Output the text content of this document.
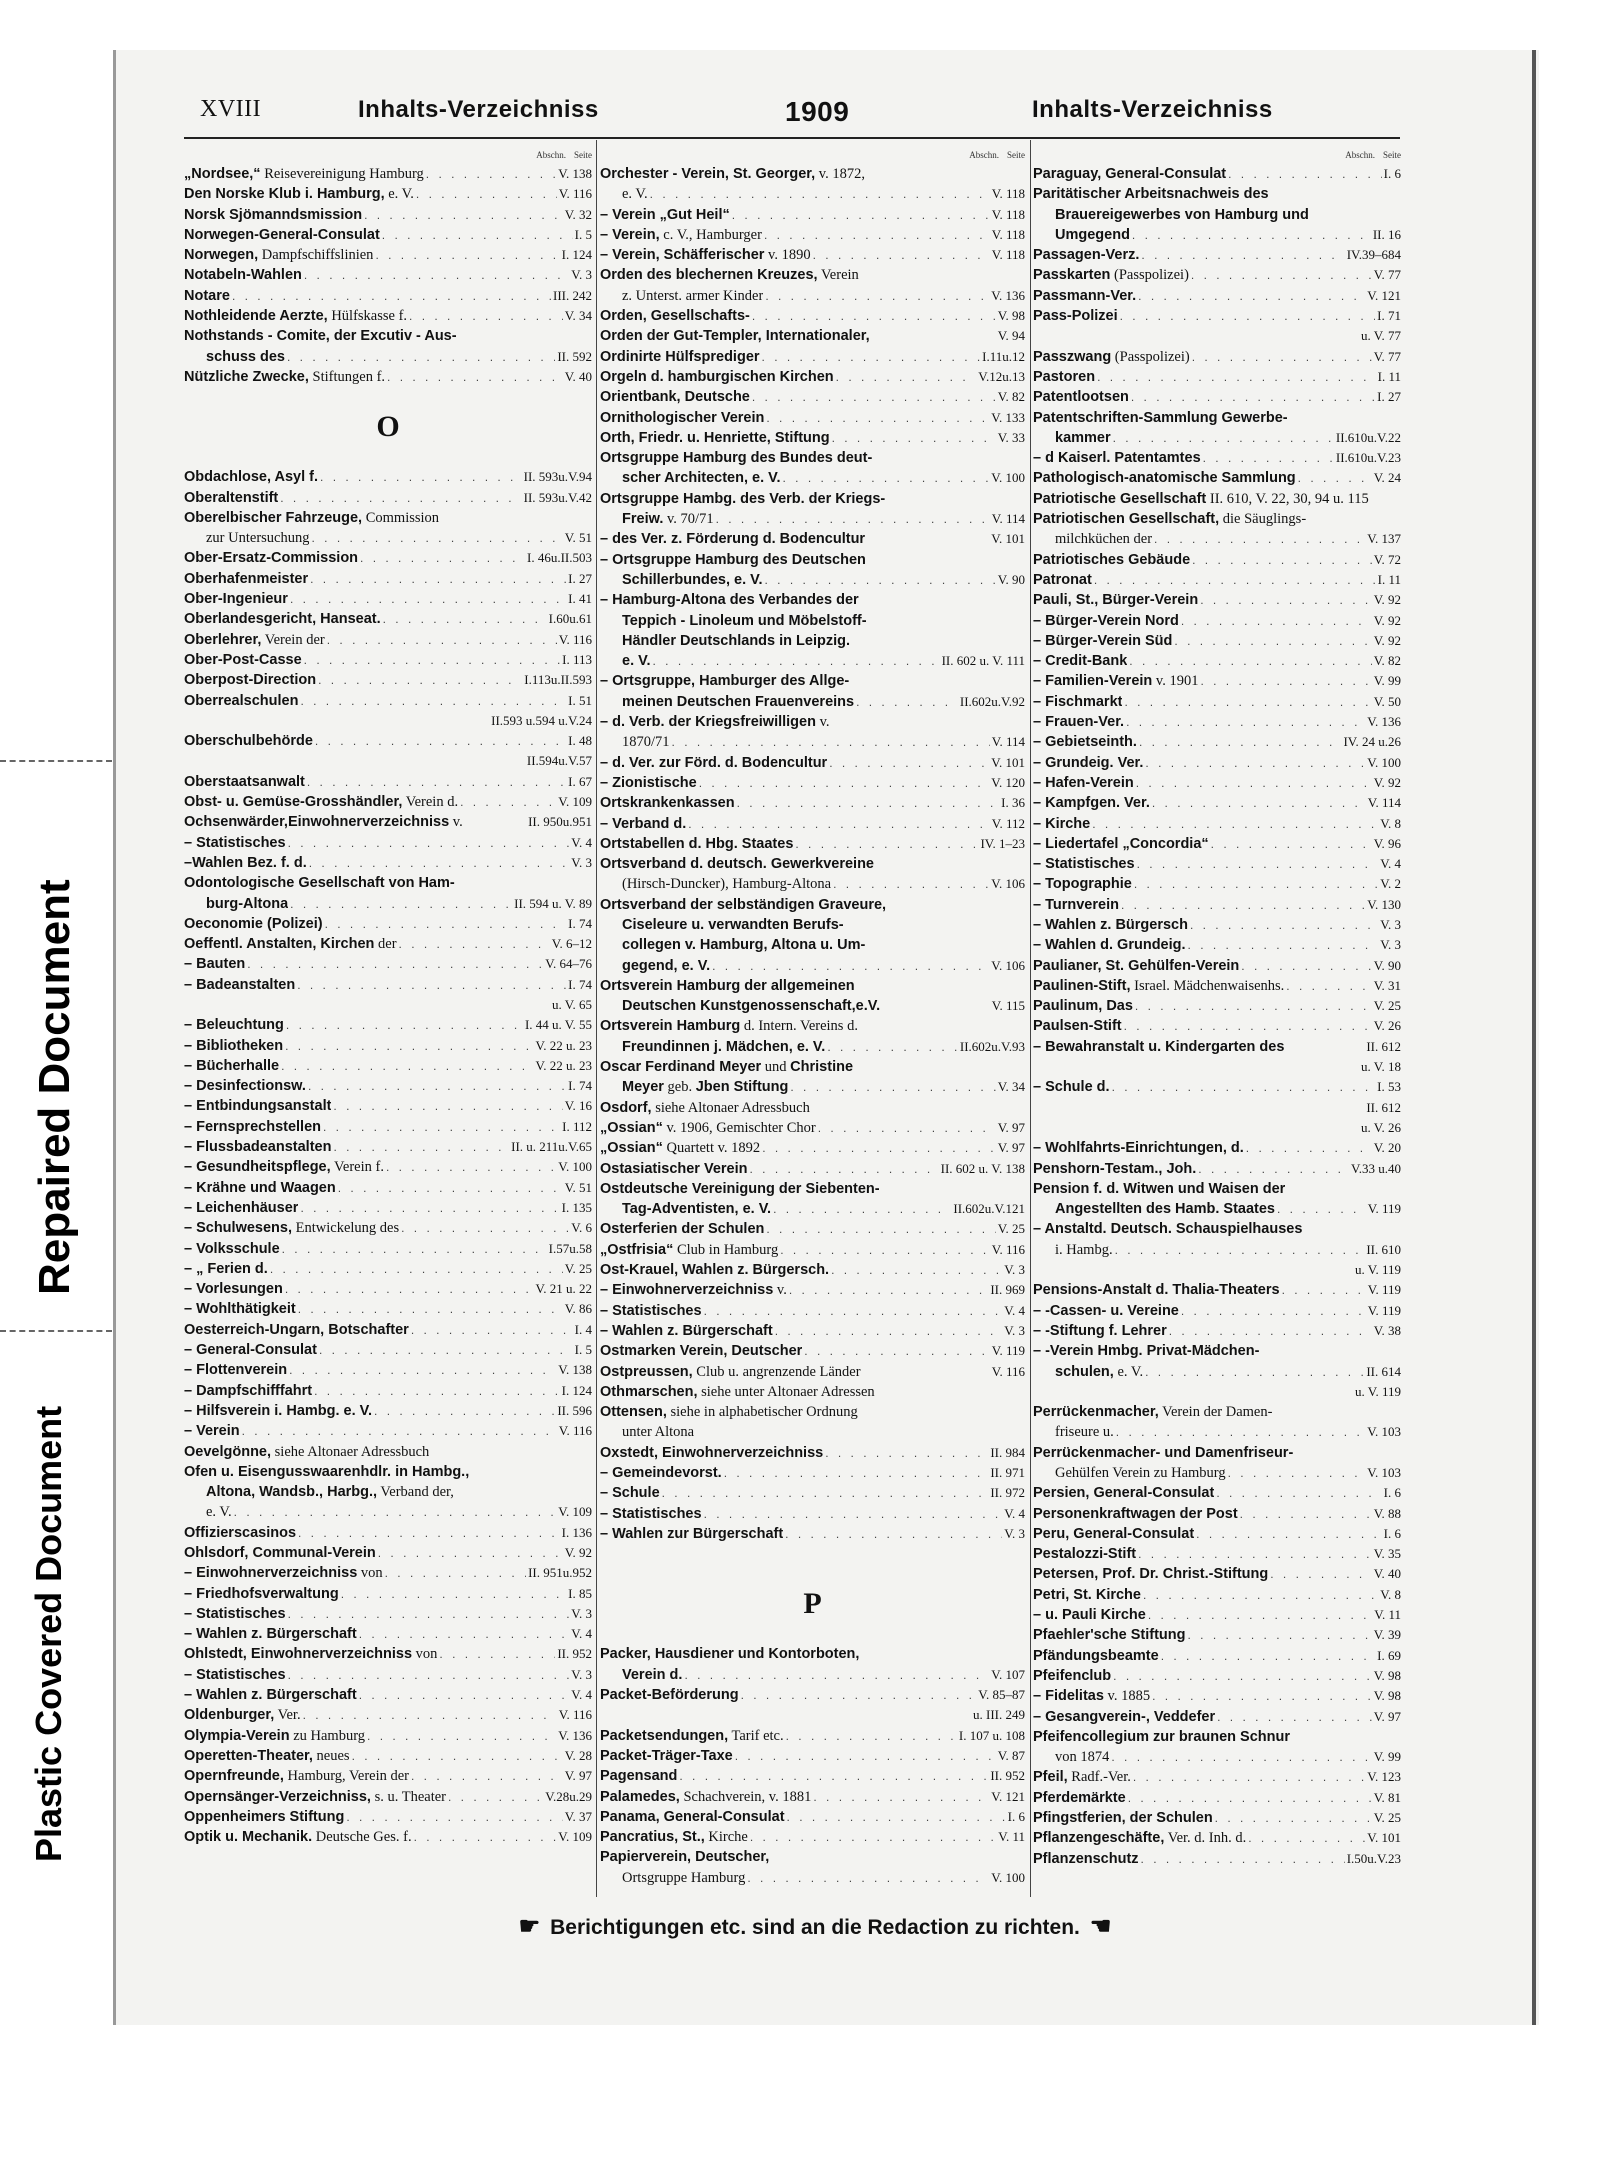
Repaired Document
Plastic Covered Document
XVIII	Inhalts-Verzeichniss	1909	Inhalts-Verzeichniss
Abschn. Seite
„Nordsee,“ Reisevereinigung Hamburg . . .	V. 138
Den Norske Klub i. Hamburg, e. V. . . .	V. 116
Norsk Sjömanndsmission . . .	V. 32
Norwegen-General-Consulat . . .	I. 5
Norwegen, Dampfschiffslinien . . .	I. 124
Notabeln-Wahlen . . .	V. 3
Notare . . .	III. 242
Nothleidende Aerzte, Hülfskasse f. . . .	V. 34
Nothstands - Comite, der Excutiv - Aus-
schuss des . . .	II. 592
Nützliche Zwecke, Stiftungen f. . . .	V. 40
O
Obdachlose, Asyl f. . . .	II. 593u.V.94
Oberaltenstift . . .	II. 593u.V.42
Oberelbischer Fahrzeuge, Commission
zur Untersuchung . . .	V. 51
Ober-Ersatz-Commission . . .	I. 46u.II.503
Oberhafenmeister . . .	I. 27
Ober-Ingenieur . . .	I. 41
Oberlandesgericht, Hanseat. . . .	I.60u.61
Oberlehrer, Verein der . . .	V. 116
Ober-Post-Casse . . .	I. 113
Oberpost-Direction . . .	I.113u.II.593
Oberrealschulen . . .	I. 51
II.593 u.594 u.V.24
Oberschulbehörde . . .	I. 48
II.594u.V.57
Oberstaatsanwalt . . .	I. 67
Obst- u. Gemüse-Grosshändler, Verein d. . . .	V. 109
Ochsenwärder,Einwohnerverzeichniss v.	II. 950u.951
– Statistisches . . .	V. 4
–Wahlen Bez. f. d. . . .	V. 3
Odontologische Gesellschaft von Ham-
burg-Altona . . .	II. 594 u. V. 89
Oeconomie (Polizei) . . .	I. 74
Oeffentl. Anstalten, Kirchen der . . .	V. 6–12
– Bauten . . .	V. 64–76
– Badeanstalten . . .	I. 74
u. V. 65
– Beleuchtung . . .	I. 44 u. V. 55
– Bibliotheken . . .	V. 22 u. 23
– Bücherhalle . . .	V. 22 u. 23
– Desinfectionsw. . . .	I. 74
– Entbindungsanstalt . . .	V. 16
– Fernsprechstellen . . .	I. 112
– Flussbadeanstalten . . .	II. u. 211u.V.65
– Gesundheitspflege, Verein f. . . .	V. 100
– Krähne und Waagen . . .	V. 51
– Leichenhäuser . . .	I. 135
– Schulwesens, Entwickelung des . . .	V. 6
– Volksschule . . .	I.57u.58
– „ Ferien d. . . .	V. 25
– Vorlesungen . . .	V. 21 u. 22
– Wohlthätigkeit . . .	V. 86
Oesterreich-Ungarn, Botschafter . . .	I. 4
– General-Consulat . . .	I. 5
– Flottenverein . . .	V. 138
– Dampfschifffahrt . . .	I. 124
– Hilfsverein i. Hambg. e. V. . . .	II. 596
– Verein . . .	V. 116
Oevelgönne, siehe Altonaer Adressbuch
Ofen u. Eisengusswaarenhdlr. in Hambg.,
Altona, Wandsb., Harbg., Verband der,
e. V. . . .	V. 109
Offizierscasinos . . .	I. 136
Ohlsdorf, Communal-Verein . . .	V. 92
– Einwohnerverzeichniss von . . .	II. 951u.952
– Friedhofsverwaltung . . .	I. 85
– Statistisches . . .	V. 3
– Wahlen z. Bürgerschaft . . .	V. 4
Ohlstedt, Einwohnerverzeichniss von . . .	II. 952
– Statistisches . . .	V. 3
– Wahlen z. Bürgerschaft . . .	V. 4
Oldenburger, Ver. . . .	V. 116
Olympia-Verein zu Hamburg . . .	V. 136
Operetten-Theater, neues . . .	V. 28
Opernfreunde, Hamburg, Verein der . . .	V. 97
Opernsänger-Verzeichniss, s. u. Theater . . .	V.28u.29
Oppenheimers Stiftung . . .	V. 37
Optik u. Mechanik. Deutsche Ges. f. . . .	V. 109
Abschn. Seite
Orchester - Verein, St. Georger, v. 1872,
e. V. . . .	V. 118
– Verein „Gut Heil“ . . .	V. 118
– Verein, c. V., Hamburger . . .	V. 118
– Verein, Schäfferischer v. 1890 . . .	V. 118
Orden des blechernen Kreuzes, Verein
z. Unterst. armer Kinder . . .	V. 136
Orden, Gesellschafts- . . .	V. 98
Orden der Gut-Templer, Internationaler,	V. 94
Ordinirte Hülfsprediger . . .	I.11u.12
Orgeln d. hamburgischen Kirchen . . .	V.12u.13
Orientbank, Deutsche . . .	V. 82
Ornithologischer Verein . . .	V. 133
Orth, Friedr. u. Henriette, Stiftung . . .	V. 33
Ortsgruppe Hamburg des Bundes deut-
scher Architecten, e. V. . . .	V. 100
Ortsgruppe Hambg. des Verb. der Kriegs-
Freiw. v. 70/71 . . .	V. 114
– des Ver. z. Förderung d. Bodencultur	V. 101
– Ortsgruppe Hamburg des Deutschen
Schillerbundes, e. V. . . .	V. 90
– Hamburg-Altona des Verbandes der
Teppich - Linoleum und Möbelstoff-
Händler Deutschlands in Leipzig.
e. V. . . .	II. 602 u. V. 111
– Ortsgruppe, Hamburger des Allge-
meinen Deutschen Frauenvereins . . .	II.602u.V.92
– d. Verb. der Kriegsfreiwilligen v.
1870/71 . . .	V. 114
– d. Ver. zur Förd. d. Bodencultur . . .	V. 101
– Zionistische . . .	V. 120
Ortskrankenkassen . . .	I. 36
– Verband d. . . .	V. 112
Ortstabellen d. Hbg. Staates . . .	IV. 1–23
Ortsverband d. deutsch. Gewerkvereine
(Hirsch-Duncker), Hamburg-Altona . . .	V. 106
Ortsverband der selbständigen Graveure,
Ciseleure u. verwandten Berufs-
collegen v. Hamburg, Altona u. Um-
gegend, e. V. . . .	V. 106
Ortsverein Hamburg der allgemeinen
Deutschen Kunstgenossenschaft,e.V.	V. 115
Ortsverein Hamburg d. Intern. Vereins d.
Freundinnen j. Mädchen, e. V. . . .	II.602u.V.93
Oscar Ferdinand Meyer und Christine
Meyer geb. Jben Stiftung . . .	V. 34
Osdorf, siehe Altonaer Adressbuch
„Ossian“ v. 1906, Gemischter Chor . . .	V. 97
„Ossian“ Quartett v. 1892 . . .	V. 97
Ostasiatischer Verein . . .	II. 602 u. V. 138
Ostdeutsche Vereinigung der Siebenten-
Tag-Adventisten, e. V. . . .	II.602u.V.121
Osterferien der Schulen . . .	V. 25
„Ostfrisia“ Club in Hamburg . . .	V. 116
Ost-Krauel, Wahlen z. Bürgersch. . . .	V. 3
– Einwohnerverzeichniss v. . . .	II. 969
– Statistisches . . .	V. 4
– Wahlen z. Bürgerschaft . . .	V. 3
Ostmarken Verein, Deutscher . . .	V. 119
Ostpreussen, Club u. angrenzende Länder	V. 116
Othmarschen, siehe unter Altonaer Adressen
Ottensen, siehe in alphabetischer Ordnung
unter Altona
Oxstedt, Einwohnerverzeichniss . . .	II. 984
– Gemeindevorst. . . .	II. 971
– Schule . . .	II. 972
– Statistisches . . .	V. 4
– Wahlen zur Bürgerschaft . . .	V. 3
P
Packer, Hausdiener und Kontorboten,
Verein d. . . .	V. 107
Packet-Beförderung . . .	V. 85–87
u. III. 249
Packetsendungen, Tarif etc. . . .	I. 107 u. 108
Packet-Träger-Taxe . . .	V. 87
Pagensand . . .	II. 952
Palamedes, Schachverein, v. 1881 . . .	V. 121
Panama, General-Consulat . . .	I. 6
Pancratius, St., Kirche . . .	V. 11
Papierverein, Deutscher,
Ortsgruppe Hamburg . . .	V. 100
Abschn. Seite
Paraguay, General-Consulat . . .	I. 6
Paritätischer Arbeitsnachweis des
Brauereigewerbes von Hamburg und
Umgegend . . .	II. 16
Passagen-Verz. . . .	IV.39–684
Passkarten (Passpolizei) . . .	V. 77
Passmann-Ver. . . .	V. 121
Pass-Polizei . . .	I. 71
u. V. 77
Passzwang (Passpolizei) . . .	V. 77
Pastoren . . .	I. 11
Patentlootsen . . .	I. 27
Patentschriften-Sammlung Gewerbe-
kammer . . .	II.610u.V.22
– d Kaiserl. Patentamtes . . .	II.610u.V.23
Pathologisch-anatomische Sammlung . . .	V. 24
Patriotische Gesellschaft II. 610, V. 22, 30, 94 u. 115
Patriotischen Gesellschaft, die Säuglings-
milchküchen der . . .	V. 137
Patriotisches Gebäude . . .	V. 72
Patronat . . .	I. 11
Pauli, St., Bürger-Verein . . .	V. 92
– Bürger-Verein Nord . . .	V. 92
– Bürger-Verein Süd . . .	V. 92
– Credit-Bank . . .	V. 82
– Familien-Verein v. 1901 . . .	V. 99
– Fischmarkt . . .	V. 50
– Frauen-Ver. . . .	V. 136
– Gebietseinth. . . .	IV. 24 u.26
– Grundeig. Ver. . . .	V. 100
– Hafen-Verein . . .	V. 92
– Kampfgen. Ver. . . .	V. 114
– Kirche . . .	V. 8
– Liedertafel „Concordia“ . . .	V. 96
– Statistisches . . .	V. 4
– Topographie . . .	V. 2
– Turnverein . . .	V. 130
– Wahlen z. Bürgersch . . .	V. 3
– Wahlen d. Grundeig. . . .	V. 3
Paulianer, St. Gehülfen-Verein . . .	V. 90
Paulinen-Stift, Israel. Mädchenwaisenhs. . . .	V. 31
Paulinum, Das . . .	V. 25
Paulsen-Stift . . .	V. 26
– Bewahranstalt u. Kindergarten des	II. 612
u. V. 18
– Schule d. . . .	I. 53
II. 612
u. V. 26
– Wohlfahrts-Einrichtungen, d. . . .	V. 20
Penshorn-Testam., Joh. . . .	V.33 u.40
Pension f. d. Witwen und Waisen der
Angestellten des Hamb. Staates . . .	V. 119
– Anstaltd. Deutsch. Schauspielhauses
i. Hambg. . . .	II. 610
u. V. 119
Pensions-Anstalt d. Thalia-Theaters . . .	V. 119
– -Cassen- u. Vereine . . .	V. 119
– -Stiftung f. Lehrer . . .	V. 38
– -Verein Hmbg. Privat-Mädchen-
schulen, e. V. . . .	II. 614
u. V. 119
Perrückenmacher, Verein der Damen-
friseure u. . . .	V. 103
Perrückenmacher- und Damenfriseur-
Gehülfen Verein zu Hamburg . . .	V. 103
Persien, General-Consulat . . .	I. 6
Personenkraftwagen der Post . . .	V. 88
Peru, General-Consulat . . .	I. 6
Pestalozzi-Stift . . .	V. 35
Petersen, Prof. Dr. Christ.-Stiftung . . .	V. 40
Petri, St. Kirche . . .	V. 8
– u. Pauli Kirche . . .	V. 11
Pfaehler'sche Stiftung . . .	V. 39
Pfändungsbeamte . . .	I. 69
Pfeifenclub . . .	V. 98
– Fidelitas v. 1885 . . .	V. 98
– Gesangverein-, Veddefer . . .	V. 97
Pfeifencollegium zur braunen Schnur
von 1874 . . .	V. 99
Pfeil, Radf.-Ver. . . .	V. 123
Pferdemärkte . . .	V. 81
Pfingstferien, der Schulen . . .	V. 25
Pflanzengeschäfte, Ver. d. Inh. d. . . .	V. 101
Pflanzenschutz . . .	I.50u.V.23
☛ Berichtigungen etc. sind an die Redaction zu richten. ☚
